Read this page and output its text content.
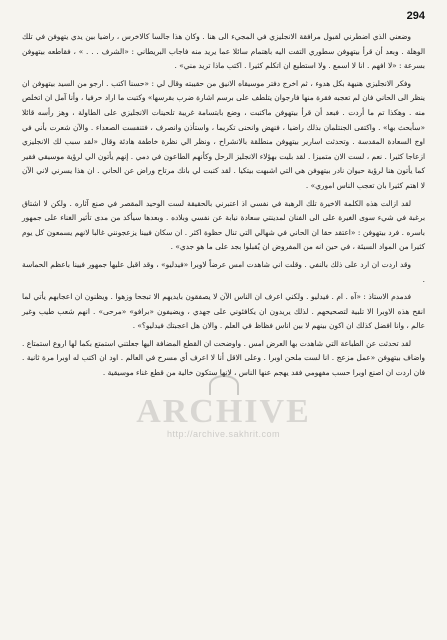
294

وضعني الذي اضطرني لقبول مرافقة الانجليزي في المجيء الى هنا . وكان هذا جالسا كالاخرس ، راضيا بين يدي يتهوفن في تلك الوهلة . وبعد أن قرأ بيتهوفن سطوري التفت اليه باهتمام سائلا عما يريد منه فاجاب البريطاني : «الشرف . . . » ، فقاطعه بيتهوفن بسرعة : «لا افهم . انا لا اسمع . ولا استطيع ان اتكلم كثيرا . اكتب ماذا تريد مني» .

وفكر الانجليزي هنيهة بكل هدوء ، ثم اخرج دفتر موسيقاه الانيق من حقيبته وقال لي : «حسنا اكتب . ارجو من السيد بيتهوفن ان ينظر الى الحاني فان لم تعجبه فقرة منها فارجوان يتلطف على برسم اشارة ضرب بقرسها» وكتبت ما اراد حرفيا ، وأنا آمل ان اتخلص منه . وهكذا تم ما أردت . فبعد أن قرأ بيتهوفن ماكتبت ، وضع بابتسامة غريبة تلحينات الانجليزي على الطاولة ، وهز رأسه قائلا «سأبحث بها» . واكتفى الجنتلمان بذلك راضيا ، فنهض وانحنى تكريما ، واستأذن وانصرف ، فتنفست الصعداء . والآن شعرت بأني في اوج السعادة المقدسة . وتحدثت اسارير بيتهوفن منطلقة بالانشراح ، ونظر الي نظرة خاطفة هادئة وقال «لقد سبب لك الانجليزي ازعاجا كثيرا . نعم ، لست الان متميزا . لقد بليت بهؤلاء الانجليز الرحل وكأنهم الطاعون في دمي . إنهم يأتون الي لرؤية موسيقي فقير كما يأتون هنا لرؤية حيوان نادر بيتهوفن هي التي اشبهت بيتكيا . لقد كتبت لي بانك مرتاح وراض عن الحاني . ان هذا يسرني لاني الآن لا اهتم كثيرا بان تعجب الناس اموري» .

لقد ازالت هذه الكلمة الاخيرة تلك الرهبة في نفسي اذ اعتبرني بالحقيقة لست الوحيد المقصر في صنع آثاره . ولكن لا اشتاق برغبة في شيء سوى الغيرة على الى الفنان لمدينتي سعادة نيابة عن نفسي وبلاده . وبعدها سيأكد من مدى تأثير الغناء على جمهور باسره . فرد بيتهوفن : «اعتقد حقا ان الحاني في شهالي التي تنال حظوة اكثر . ان سكان فيينا يزعجونني غالبا لانهم يسمعون كل يوم كثيرا من المواد السيئة ، في حين انه من المفروض ان يُقبلوا بجد على ما هو جدي» .

وقد اردت ان ارد على ذلك بالنفي . وقلت اني شاهدت امس عرضاً لاوبرا «فيدليو» ، وقد اقبل عليها جمهور فيينا باعظم الحماسة .

فدمدم الاستاذ : «آه . ام . فيدليو . ولكني اعرف ان الناس الآن لا يصفقون بايديهم الا تبجحا وزهوا . ويظنون ان اعجابهم يأتي لما انقح هذه الاوبرا الا تلبية لتصحيحهم . لذلك يريدون ان يكافئوني على جهدي ، ويضيفون «برافو» «مرحى» . انهم شعب طيب وغير عالم ، وانا افضل كذلك ان اكون بينهم لا بين اناس فظاظ في العلم . والان هل اعجبتك فيدليو؟» .

لقد تحدثت عن الطباعة التي شاهدت بها العرض امس . واوضحت ان القطع المضافة اليها جعلتني استمتع بكما لها اروع استمتاع . واضاف بيتهوفن «عمل مزعج . انا لست ملحن اوبرا . وعلى الاقل أنا لا اعرف أي مسرح في العالم . اود ان اكتب له اوبرا مرة ثانية . فان اردت ان اصنع اوبرا حسب مفهومي فقد يهجم عنها الناس ، لانها ستكون خالية من قطع غناء موسيقية .

ARCHIVE
http://archive.sakhrit.com
